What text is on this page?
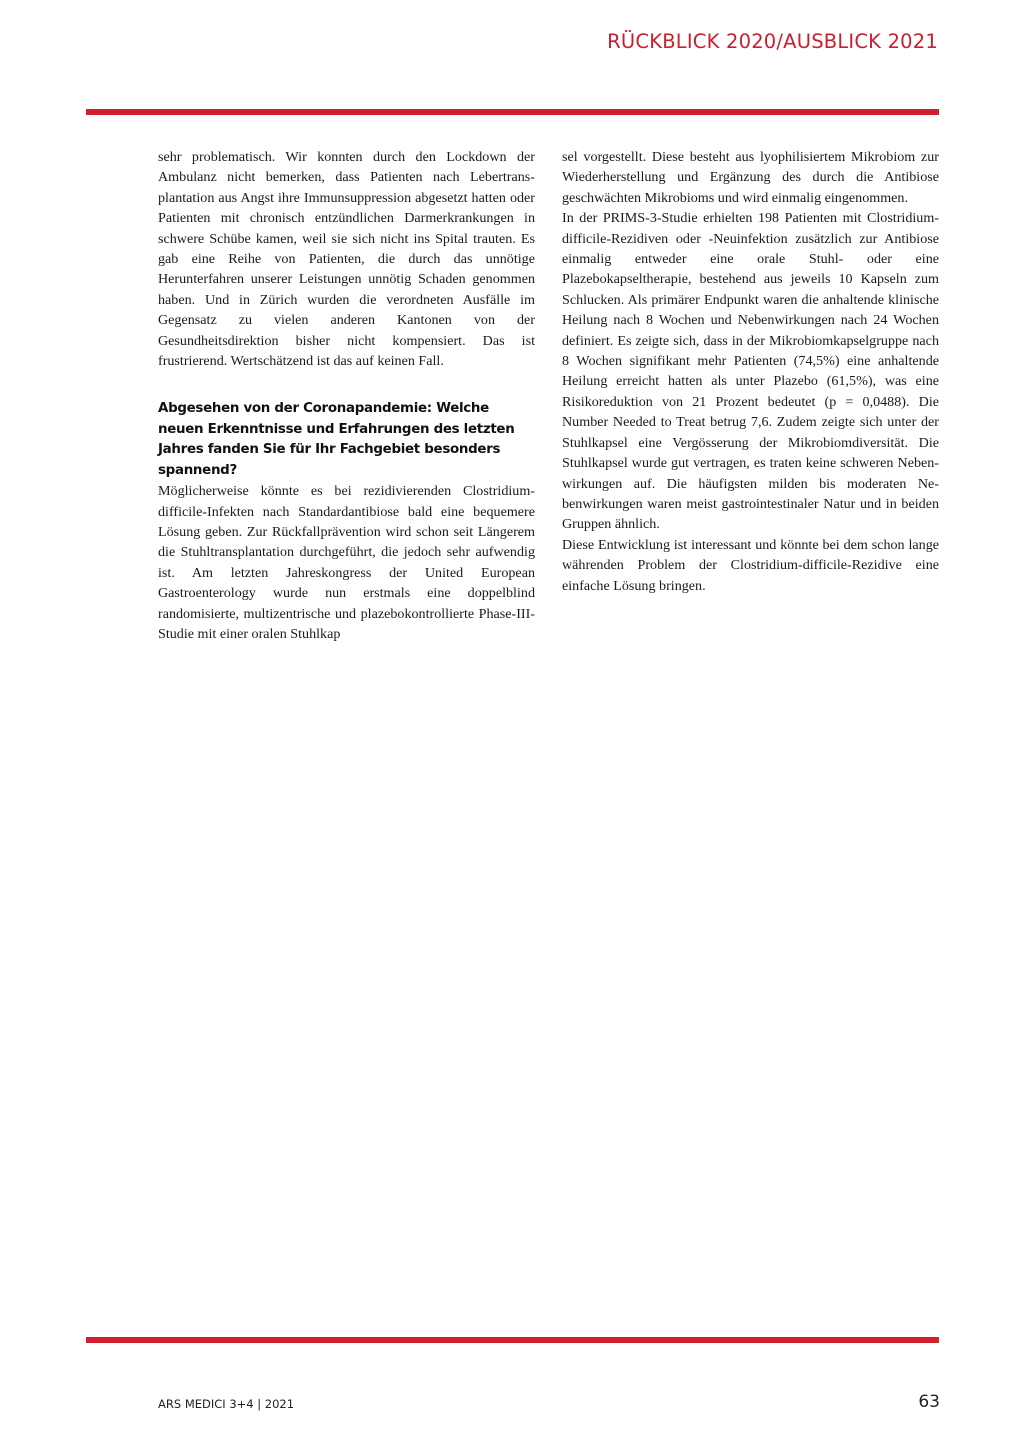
RÜCKBLICK 2020/AUSBLICK 2021

sehr problematisch. Wir konnten durch den Lockdown der Ambulanz nicht bemerken, dass Patienten nach Lebertransplantation aus Angst ihre Immunsuppression abgesetzt hatten oder Patienten mit chronisch entzündlichen Darmerkrankungen in schwere Schübe kamen, weil sie sich nicht ins Spital trauten. Es gab eine Reihe von Patienten, die durch das unnötige Herunterfahren unserer Leistungen unnötig Schaden genommen haben. Und in Zürich wurden die verordneten Ausfälle im Gegensatz zu vielen anderen Kantonen von der Gesundheitsdirektion bisher nicht kompensiert. Das ist frustrierend. Wertschätzend ist das auf keinen Fall.

Abgesehen von der Coronapandemie: Welche neuen Erkenntnisse und Erfahrungen des letzten Jahres fanden Sie für Ihr Fachgebiet besonders spannend?

Möglicherweise könnte es bei rezidivierenden Clostridium-difficile-Infekten nach Standardantibiose bald eine bequemere Lösung geben. Zur Rückfallprävention wird schon seit Längerem die Stuhltransplantation durchgeführt, die jedoch sehr aufwendig ist. Am letzten Jahreskongress der United European Gastroenterology wurde nun erstmals eine doppelblind randomisierte, multizentrische und plazebokontrollierte Phase-III-Studie mit einer oralen Stuhlkap

sel vorgestellt. Diese besteht aus lyophilisiertem Mikrobiom zur Wiederherstellung und Ergänzung des durch die Antibiose geschwächten Mikrobioms und wird einmalig eingenommen.

In der PRIMS-3-Studie erhielten 198 Patienten mit Clostridium-difficile-Rezidiven oder -Neuinfektion zusätzlich zur Antibiose einmalig entweder eine orale Stuhl- oder eine Plazebokapseltherapie, bestehend aus jeweils 10 Kapseln zum Schlucken. Als primärer Endpunkt waren die anhaltende klinische Heilung nach 8 Wochen und Nebenwirkungen nach 24 Wochen definiert. Es zeigte sich, dass in der Mikrobiomkapselgruppe nach 8 Wochen signifikant mehr Patienten (74,5%) eine anhaltende Heilung erreicht hatten als unter Plazebo (61,5%), was eine Risikoreduktion von 21 Prozent bedeutet (p = 0,0488). Die Number Needed to Treat betrug 7,6. Zudem zeigte sich unter der Stuhlkapsel eine Vergösserung der Mikrobiomdiversität. Die Stuhlkapsel wurde gut vertragen, es traten keine schweren Nebenwirkungen auf. Die häufigsten milden bis moderaten Nebenwirkungen waren meist gastrointestinaler Natur und in beiden Gruppen ähnlich.

Diese Entwicklung ist interessant und könnte bei dem schon lange währenden Problem der Clostridium-difficile-Rezidive eine einfache Lösung bringen.

ARS MEDICI 3+4 | 2021	63
